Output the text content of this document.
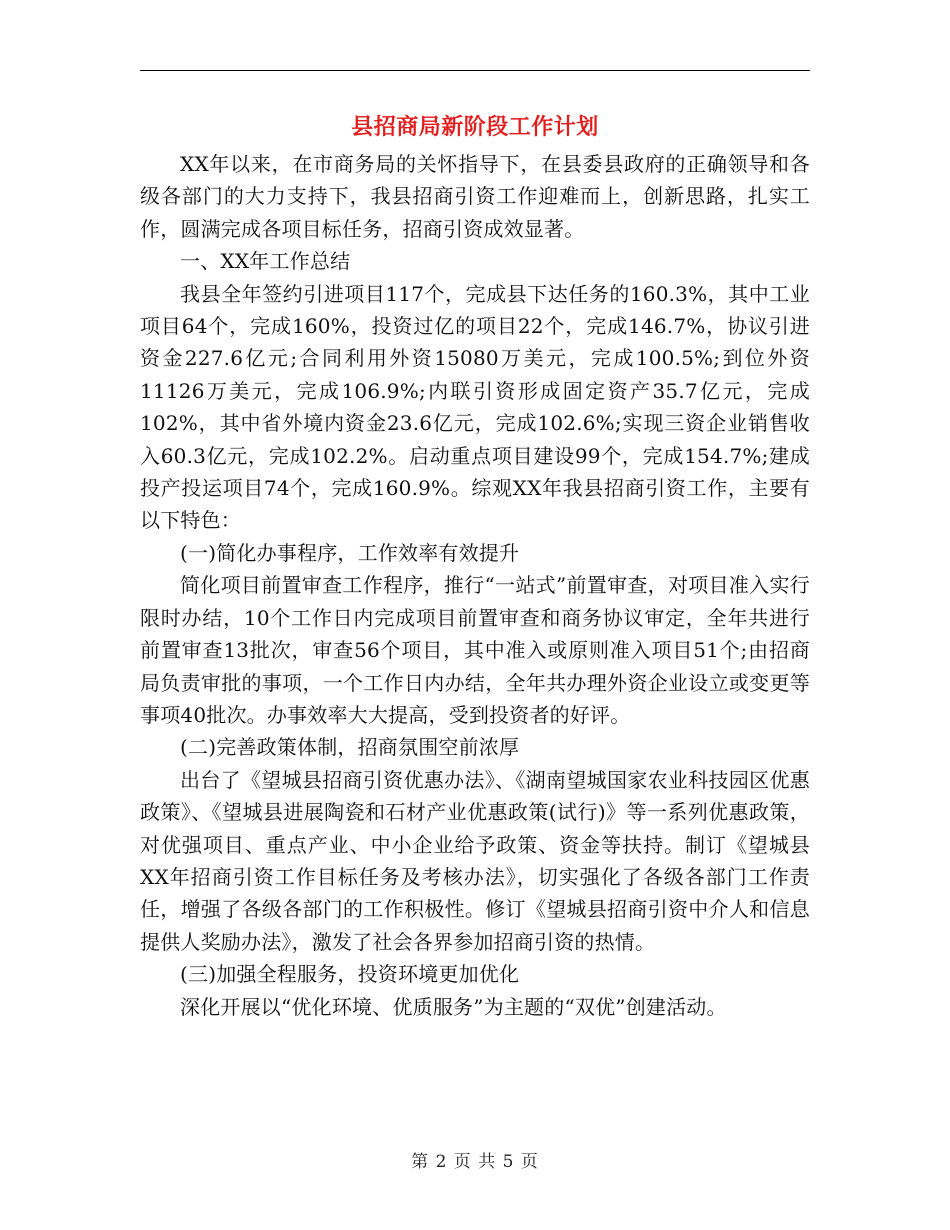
县招商局新阶段工作计划

XX年以来，在市商务局的关怀指导下，在县委县政府的正确领导和各级各部门的大力支持下，我县招商引资工作迎难而上，创新思路，扎实工作，圆满完成各项目标任务，招商引资成效显著。

一、XX年工作总结

我县全年签约引进项目117个，完成县下达任务的160.3%，其中工业项目64个，完成160%，投资过亿的项目22个，完成146.7%，协议引进资金227.6亿元;合同利用外资15080万美元，完成100.5%;到位外资11126万美元，完成106.9%;内联引资形成固定资产35.7亿元，完成102%，其中省外境内资金23.6亿元，完成102.6%;实现三资企业销售收入60.3亿元，完成102.2%。启动重点项目建设99个，完成154.7%;建成投产投运项目74个，完成160.9%。综观XX年我县招商引资工作，主要有以下特色：

(一)简化办事程序，工作效率有效提升

简化项目前置审查工作程序，推行“一站式”前置审查，对项目准入实行限时办结，10个工作日内完成项目前置审查和商务协议审定，全年共进行前置审查13批次，审查56个项目，其中准入或原则准入项目51个;由招商局负责审批的事项，一个工作日内办结，全年共办理外资企业设立或变更等事项40批次。办事效率大大提高，受到投资者的好评。

(二)完善政策体制，招商氛围空前浓厚

出台了《望城县招商引资优惠办法》、《湖南望城国家农业科技园区优惠政策》、《望城县进展陶瓷和石材产业优惠政策(试行)》等一系列优惠政策，对优强项目、重点产业、中小企业给予政策、资金等扶持。制订《望城县XX年招商引资工作目标任务及考核办法》，切实强化了各级各部门工作责任，增强了各级各部门的工作积极性。修订《望城县招商引资中介人和信息提供人奖励办法》，激发了社会各界参加招商引资的热情。

(三)加强全程服务，投资环境更加优化

深化开展以“优化环境、优质服务”为主题的“双优”创建活动。

第 2 页 共 5 页
